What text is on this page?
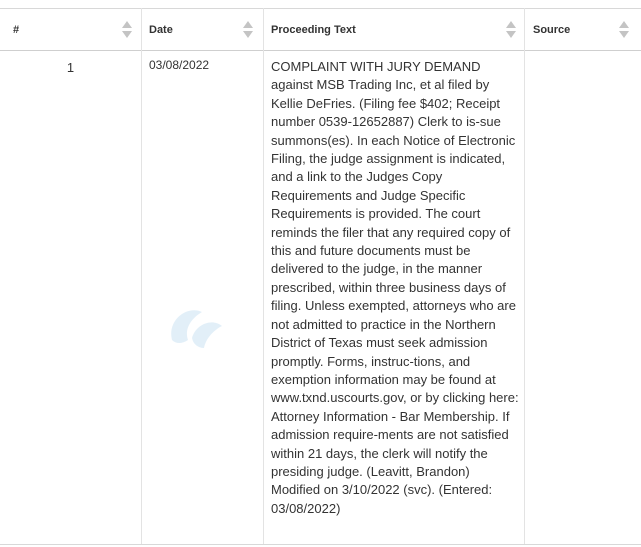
#	Date	Proceeding Text	Source
1	03/08/2022	COMPLAINT WITH JURY DEMAND against MSB Trading Inc, et al filed by Kellie DeFries. (Filing fee $402; Receipt number 0539-12652887) Clerk to is-sue summons(es). In each Notice of Electronic Filing, the judge assignment is indicated, and a link to the Judges Copy Requirements and Judge Specific Requirements is provided. The court reminds the filer that any required copy of this and future documents must be delivered to the judge, in the manner prescribed, within three business days of filing. Unless exempted, attorneys who are not admitted to practice in the Northern District of Texas must seek admission promptly. Forms, instruc-tions, and exemption information may be found at www.txnd.uscourts.gov, or by clicking here: Attorney Information - Bar Membership. If admission require-ments are not satisfied within 21 days, the clerk will notify the presiding judge. (Leavitt, Brandon) Modified on 3/10/2022 (svc). (Entered: 03/08/2022)
